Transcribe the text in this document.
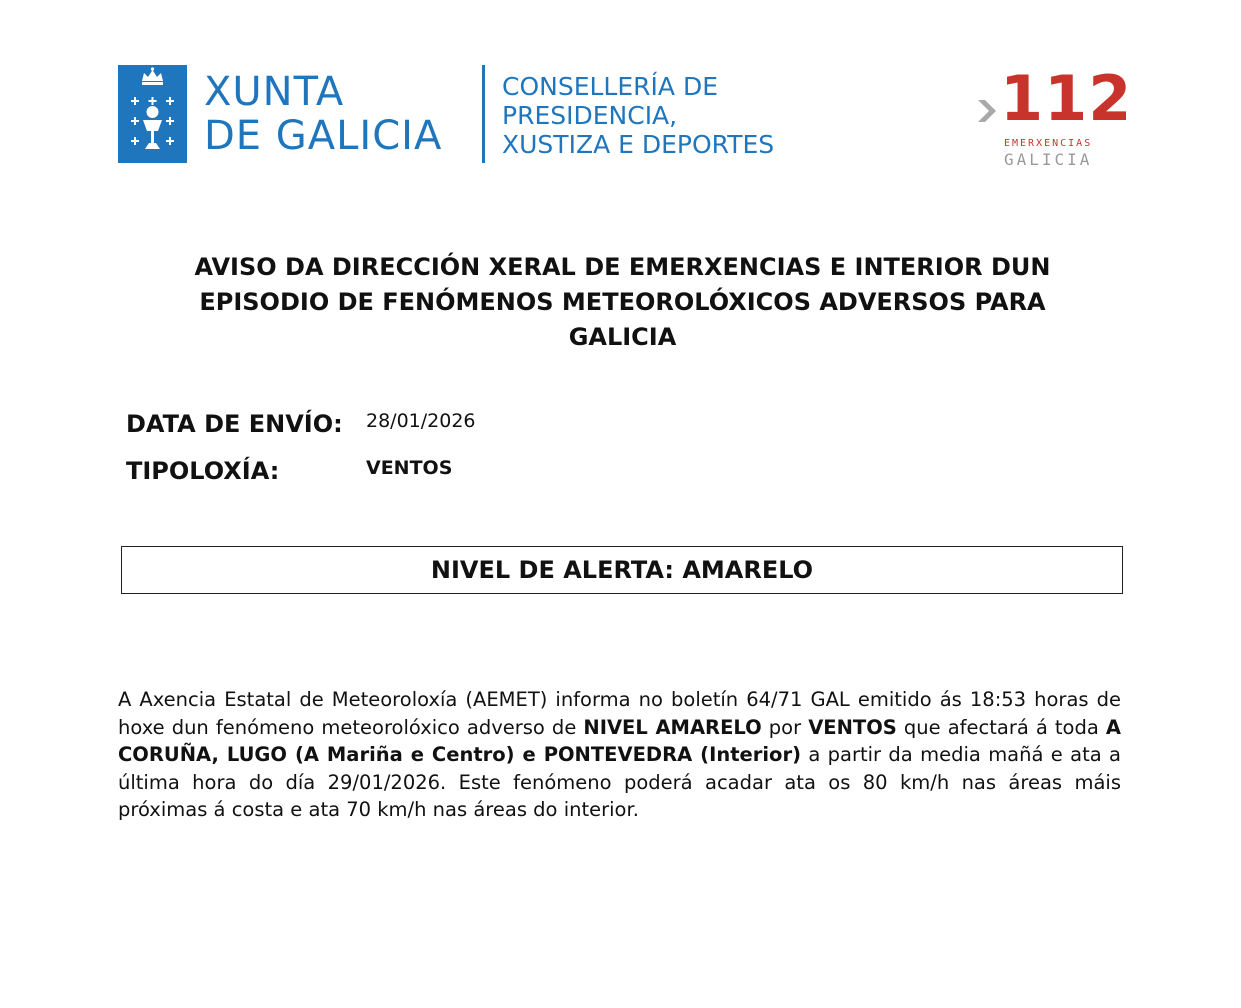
XUNTA
DE GALICIA
CONSELLERÍA DE
PRESIDENCIA,
XUSTIZA E DEPORTES
112
EMERXENCIAS
GALICIA
AVISO DA DIRECCIÓN XERAL DE EMERXENCIAS E INTERIOR DUN EPISODIO DE FENÓMENOS METEOROLÓXICOS ADVERSOS PARA GALICIA
DATA DE ENVÍO: 28/01/2026
TIPOLOXÍA:	VENTOS
NIVEL DE ALERTA: AMARELO
A Axencia Estatal de Meteoroloxía (AEMET) informa no boletín 64/71 GAL emitido ás 18:53 horas de hoxe dun fenómeno meteorolóxico adverso de NIVEL AMARELO por VENTOS que afectará á toda A CORUÑA, LUGO (A Mariña e Centro) e PONTEVEDRA (Interior) a partir da media mañá e ata a última hora do día 29/01/2026. Este fenómeno poderá acadar ata os 80 km/h nas áreas máis próximas á costa e ata 70 km/h nas áreas do interior.
